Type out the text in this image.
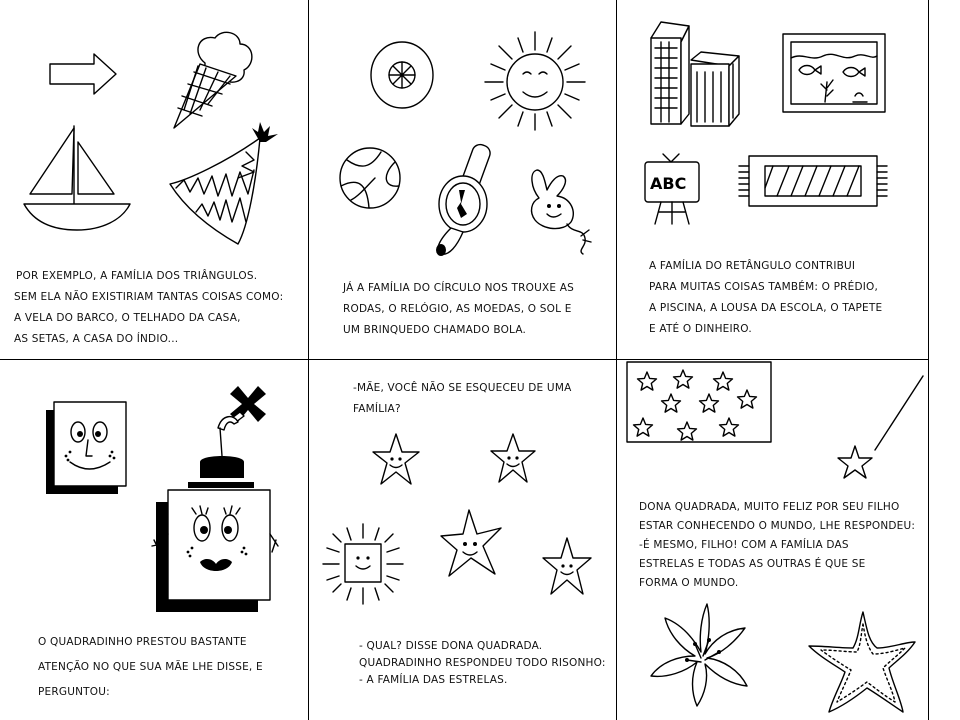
POR EXEMPLO, A FAMÍLIA DOS TRIÂNGULOS.
SEM ELA NÃO EXISTIRIAM TANTAS COISAS COMO:
A VELA DO BARCO, O TELHADO DA CASA,
AS SETAS, A CASA DO ÍNDIO...

JÁ A FAMÍLIA DO CÍRCULO NOS TROUXE AS
RODAS, O RELÓGIO, AS MOEDAS, O SOL E
UM BRINQUEDO CHAMADO BOLA.

ABC

A FAMÍLIA DO RETÂNGULO CONTRIBUI
PARA MUITAS COISAS TAMBÉM: O PRÉDIO,
A PISCINA, A LOUSA DA ESCOLA, O TAPETE
E ATÉ O DINHEIRO.

O QUADRADINHO PRESTOU BASTANTE
ATENÇÃO NO QUE SUA MÃE LHE DISSE, E
PERGUNTOU:

-MÃE, VOCÊ NÃO SE ESQUECEU DE UMA
FAMÍLIA?

- QUAL? DISSE DONA QUADRADA.
QUADRADINHO RESPONDEU TODO RISONHO:
- A FAMÍLIA DAS ESTRELAS.

DONA QUADRADA, MUITO FELIZ POR SEU FILHO
ESTAR CONHECENDO O MUNDO, LHE RESPONDEU:
-É MESMO, FILHO! COM A FAMÍLIA DAS
ESTRELAS E TODAS AS OUTRAS É QUE SE
FORMA O MUNDO.
